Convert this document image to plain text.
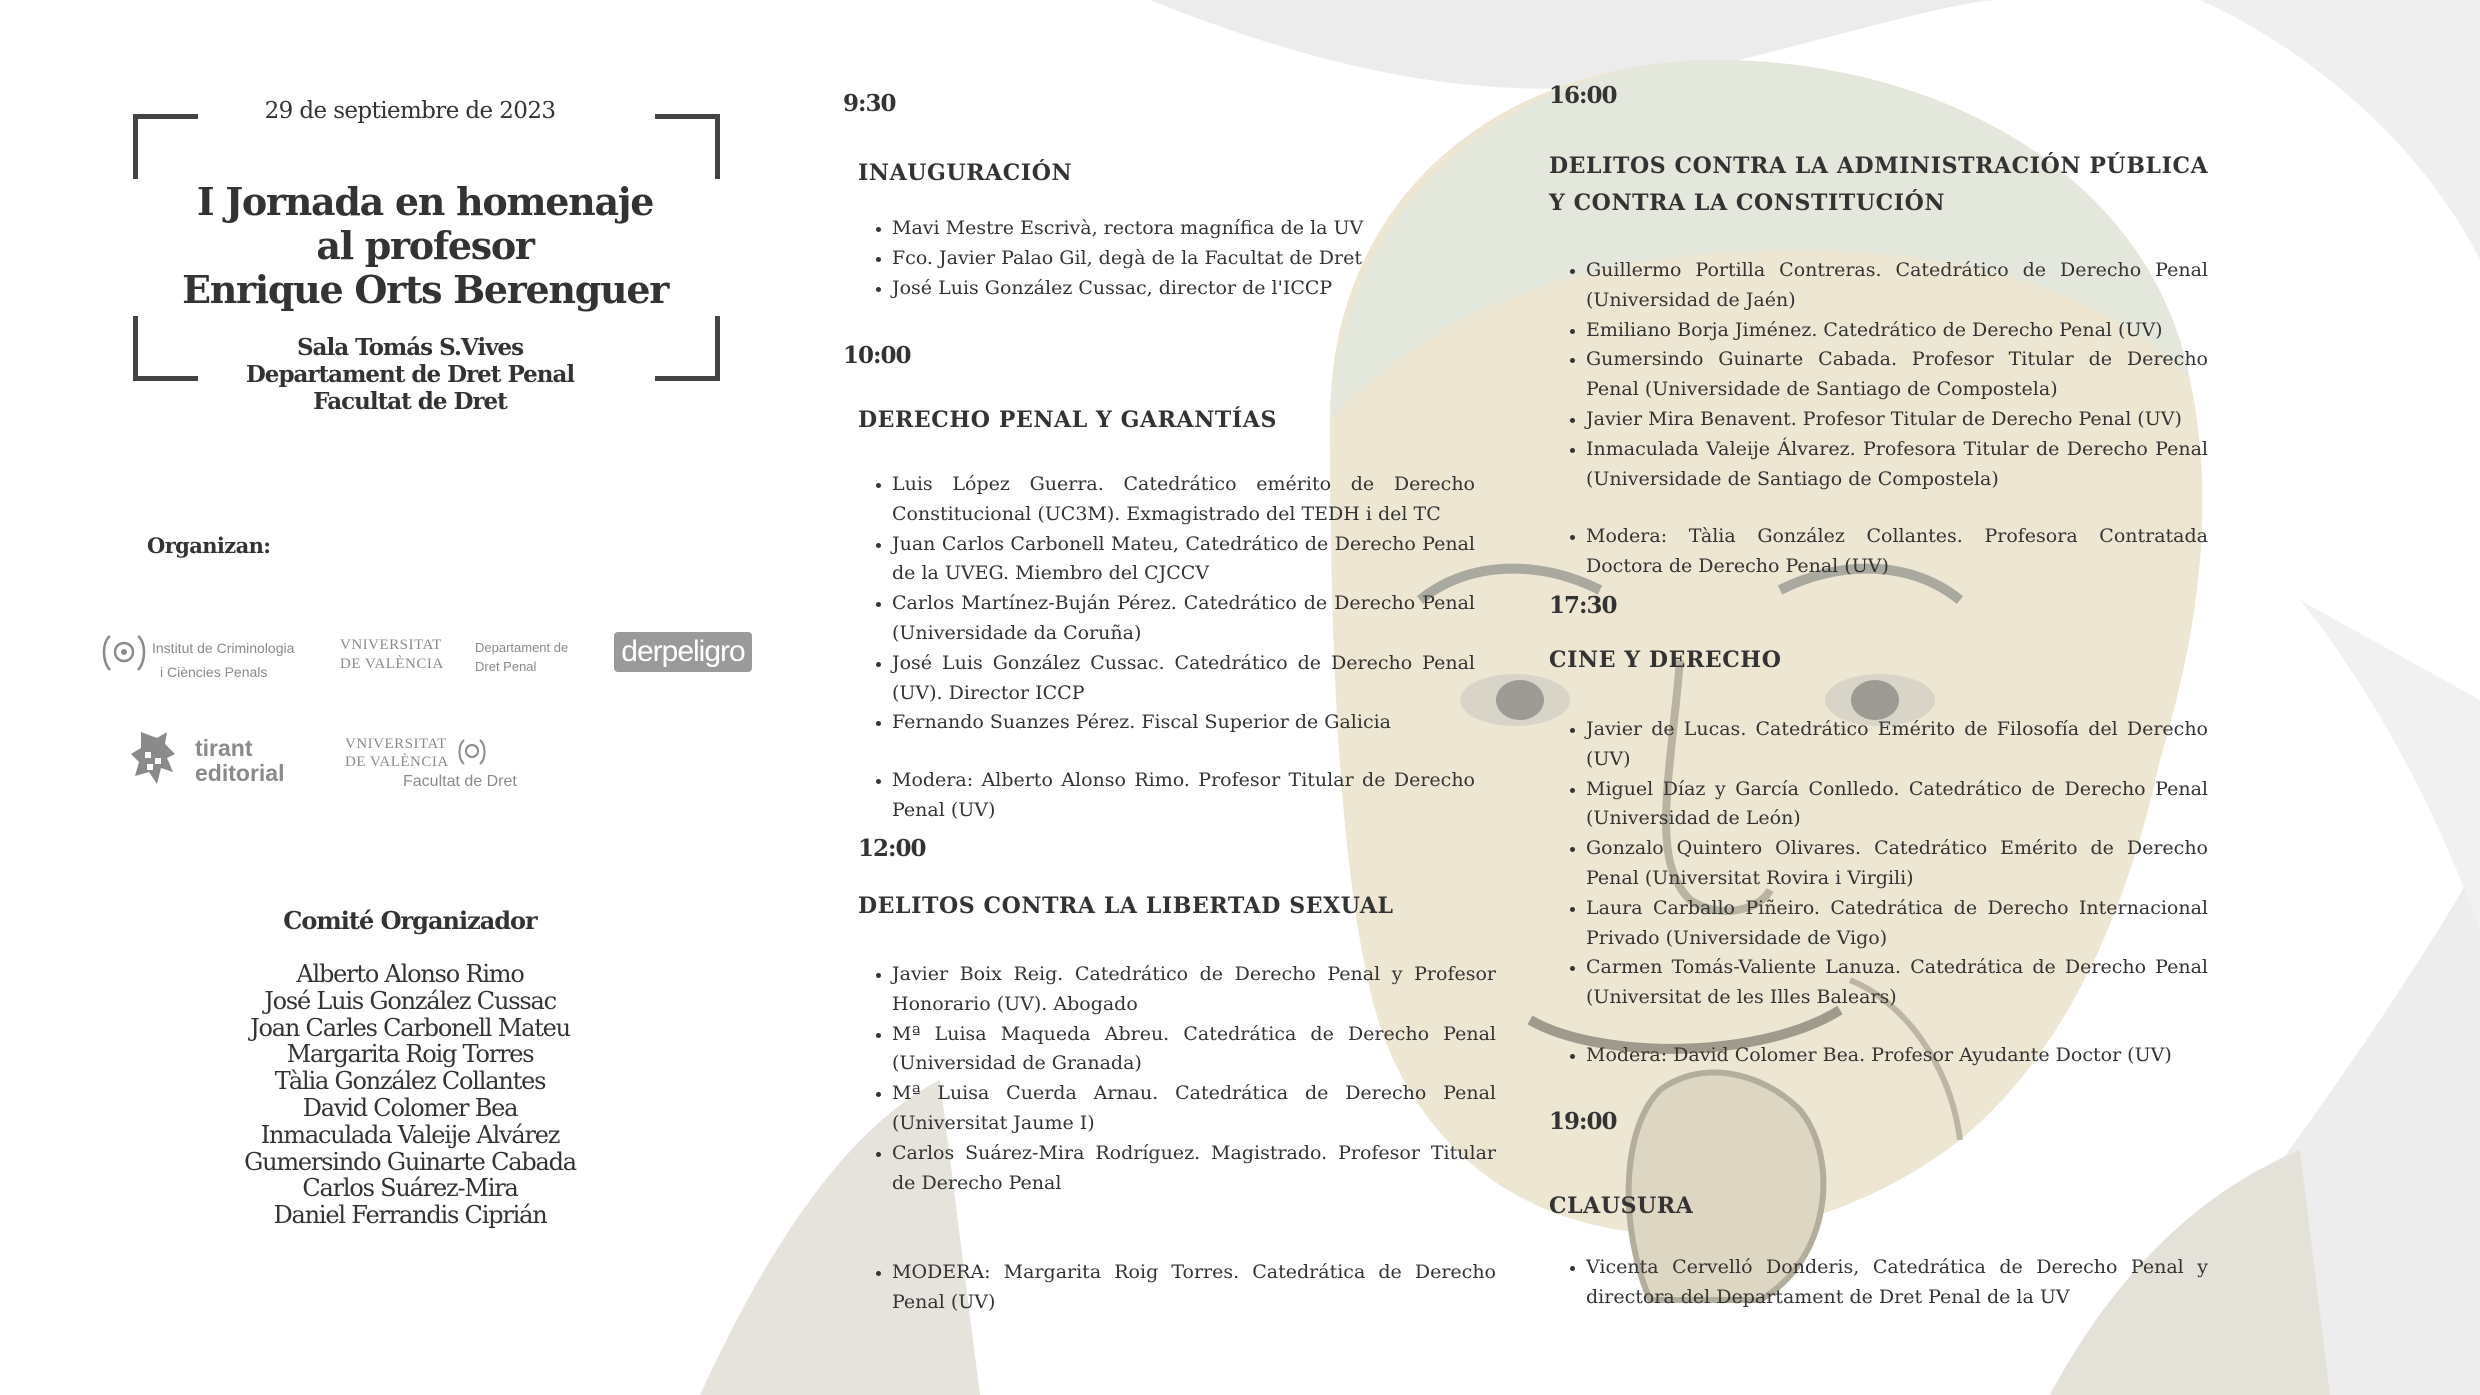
29 de septiembre de 2023
I Jornada en homenaje
al profesor
Enrique Orts Berenguer
Sala Tomás S.Vives
Departament de Dret Penal
Facultat de Dret
Organizan:
Institut de Criminologia
i Ciències Penals
VNIVERSITAT
DE VALÈNCIA
Departament de
Dret Penal	derpeligro
tirant
editorial
VNIVERSITAT
DE VALÈNCIA
Facultat de Dret
Comité Organizador
Alberto Alonso Rimo
José Luis González Cussac
Joan Carles Carbonell Mateu
Margarita Roig Torres
Tàlia González Collantes
David Colomer Bea
Inmaculada Valeije Alvárez
Gumersindo Guinarte Cabada
Carlos Suárez-Mira
Daniel Ferrandis Ciprián
9:30
INAUGURACIÓN
• Mavi Mestre Escrivà, rectora magnífica de la UV
• Fco. Javier Palao Gil, degà de la Facultat de Dret
• José Luis González Cussac, director de l'ICCP
10:00
DERECHO PENAL Y GARANTÍAS
• Luis López Guerra. Catedrático emérito de Derecho Constitucional (UC3M). Exmagistrado del TEDH i del TC
• Juan Carlos Carbonell Mateu, Catedrático de Derecho Penal de la UVEG. Miembro del CJCCV
• Carlos Martínez-Buján Pérez. Catedrático de Derecho Penal (Universidade da Coruña)
• José Luis González Cussac. Catedrático de Derecho Penal (UV). Director ICCP
• Fernando Suanzes Pérez. Fiscal Superior de Galicia
• Modera: Alberto Alonso Rimo. Profesor Titular de Derecho Penal (UV)
12:00
DELITOS CONTRA LA LIBERTAD SEXUAL
• Javier Boix Reig. Catedrático de Derecho Penal y Profesor Honorario (UV). Abogado
• Mª Luisa Maqueda Abreu. Catedrática de Derecho Penal (Universidad de Granada)
• Mª Luisa Cuerda Arnau. Catedrática de Derecho Penal (Universitat Jaume I)
• Carlos Suárez-Mira Rodríguez. Magistrado. Profesor Titular de Derecho Penal
• MODERA: Margarita Roig Torres. Catedrática de Derecho Penal (UV)
16:00
DELITOS CONTRA LA ADMINISTRACIÓN PÚBLICA
Y CONTRA LA CONSTITUCIÓN
• Guillermo Portilla Contreras. Catedrático de Derecho Penal (Universidad de Jaén)
• Emiliano Borja Jiménez. Catedrático de Derecho Penal (UV)
• Gumersindo Guinarte Cabada. Profesor Titular de Derecho Penal (Universidade de Santiago de Compostela)
• Javier Mira Benavent. Profesor Titular de Derecho Penal (UV)
• Inmaculada Valeije Álvarez. Profesora Titular de Derecho Penal (Universidade de Santiago de Compostela)
• Modera: Tàlia González Collantes. Profesora Contratada Doctora de Derecho Penal (UV)
17:30
CINE Y DERECHO
• Javier de Lucas. Catedrático Emérito de Filosofía del Derecho (UV)
• Miguel Díaz y García Conlledo. Catedrático de Derecho Penal (Universidad de León)
• Gonzalo Quintero Olivares. Catedrático Emérito de Derecho Penal (Universitat Rovira i Virgili)
• Laura Carballo Piñeiro. Catedrática de Derecho Internacional Privado (Universidade de Vigo)
• Carmen Tomás-Valiente Lanuza. Catedrática de Derecho Penal (Universitat de les Illes Balears)
• Modera: David Colomer Bea. Profesor Ayudante Doctor (UV)
19:00
CLAUSURA
• Vicenta Cervelló Donderis, Catedrática de Derecho Penal y directora del Departament de Dret Penal de la UV
